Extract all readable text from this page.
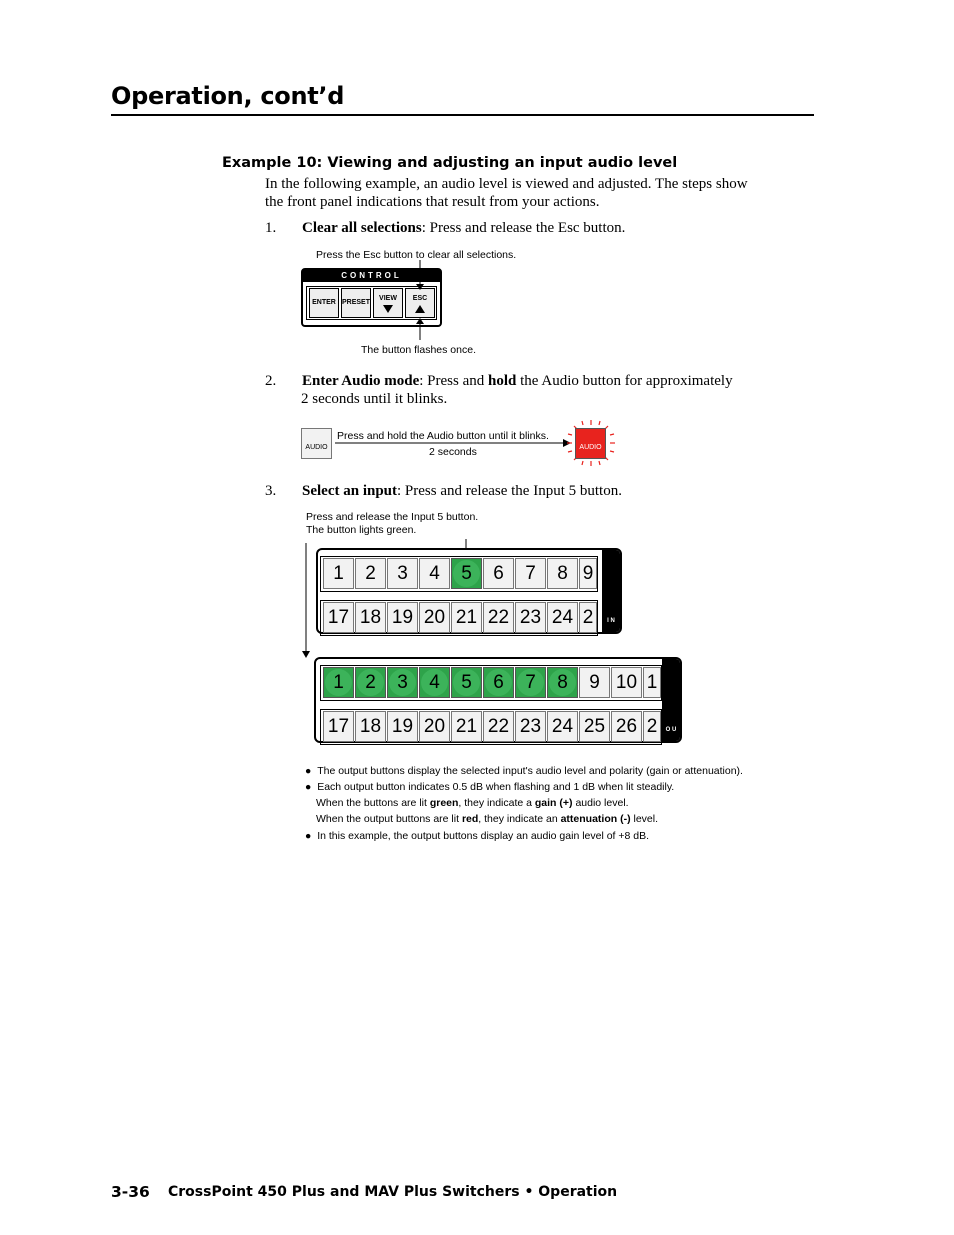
Operation, cont’d
Example 10: Viewing and adjusting an input audio level
In the following example, an audio level is viewed and adjusted. The steps show
the front panel indications that result from your actions.
1. Clear all selections: Press and release the Esc button.
Press the Esc button to clear all selections.
CONTROL
ENTER PRESET
VIEW	ESC
The button flashes once.
2. Enter Audio mode: Press and hold the Audio button for approximately
2 seconds until it blinks.
AUDIO
Press and hold the Audio button until it blinks.
2 seconds	AUDIO
3. Select an input: Press and release the Input 5 button.
Press and release the Input 5 button.
The button lights green.
I N
O U
1	2	3	4	5	6	7	8 9
17 18 19 20 21 22 23 24 2
1	2	3	4	5	6	7	8	9 10 1
17 18 19 20 21 22 23 24 25 26 2
● The output buttons display the selected input's audio level and polarity (gain or attenuation).
● Each output button indicates 0.5 dB when flashing and 1 dB when lit steadily.
When the buttons are lit green, they indicate a gain (+) audio level.
When the output buttons are lit red, they indicate an attenuation (-) level.
● In this example, the output buttons display an audio gain level of +8 dB.
3-36 CrossPoint 450 Plus and MAV Plus Switchers • Operation
